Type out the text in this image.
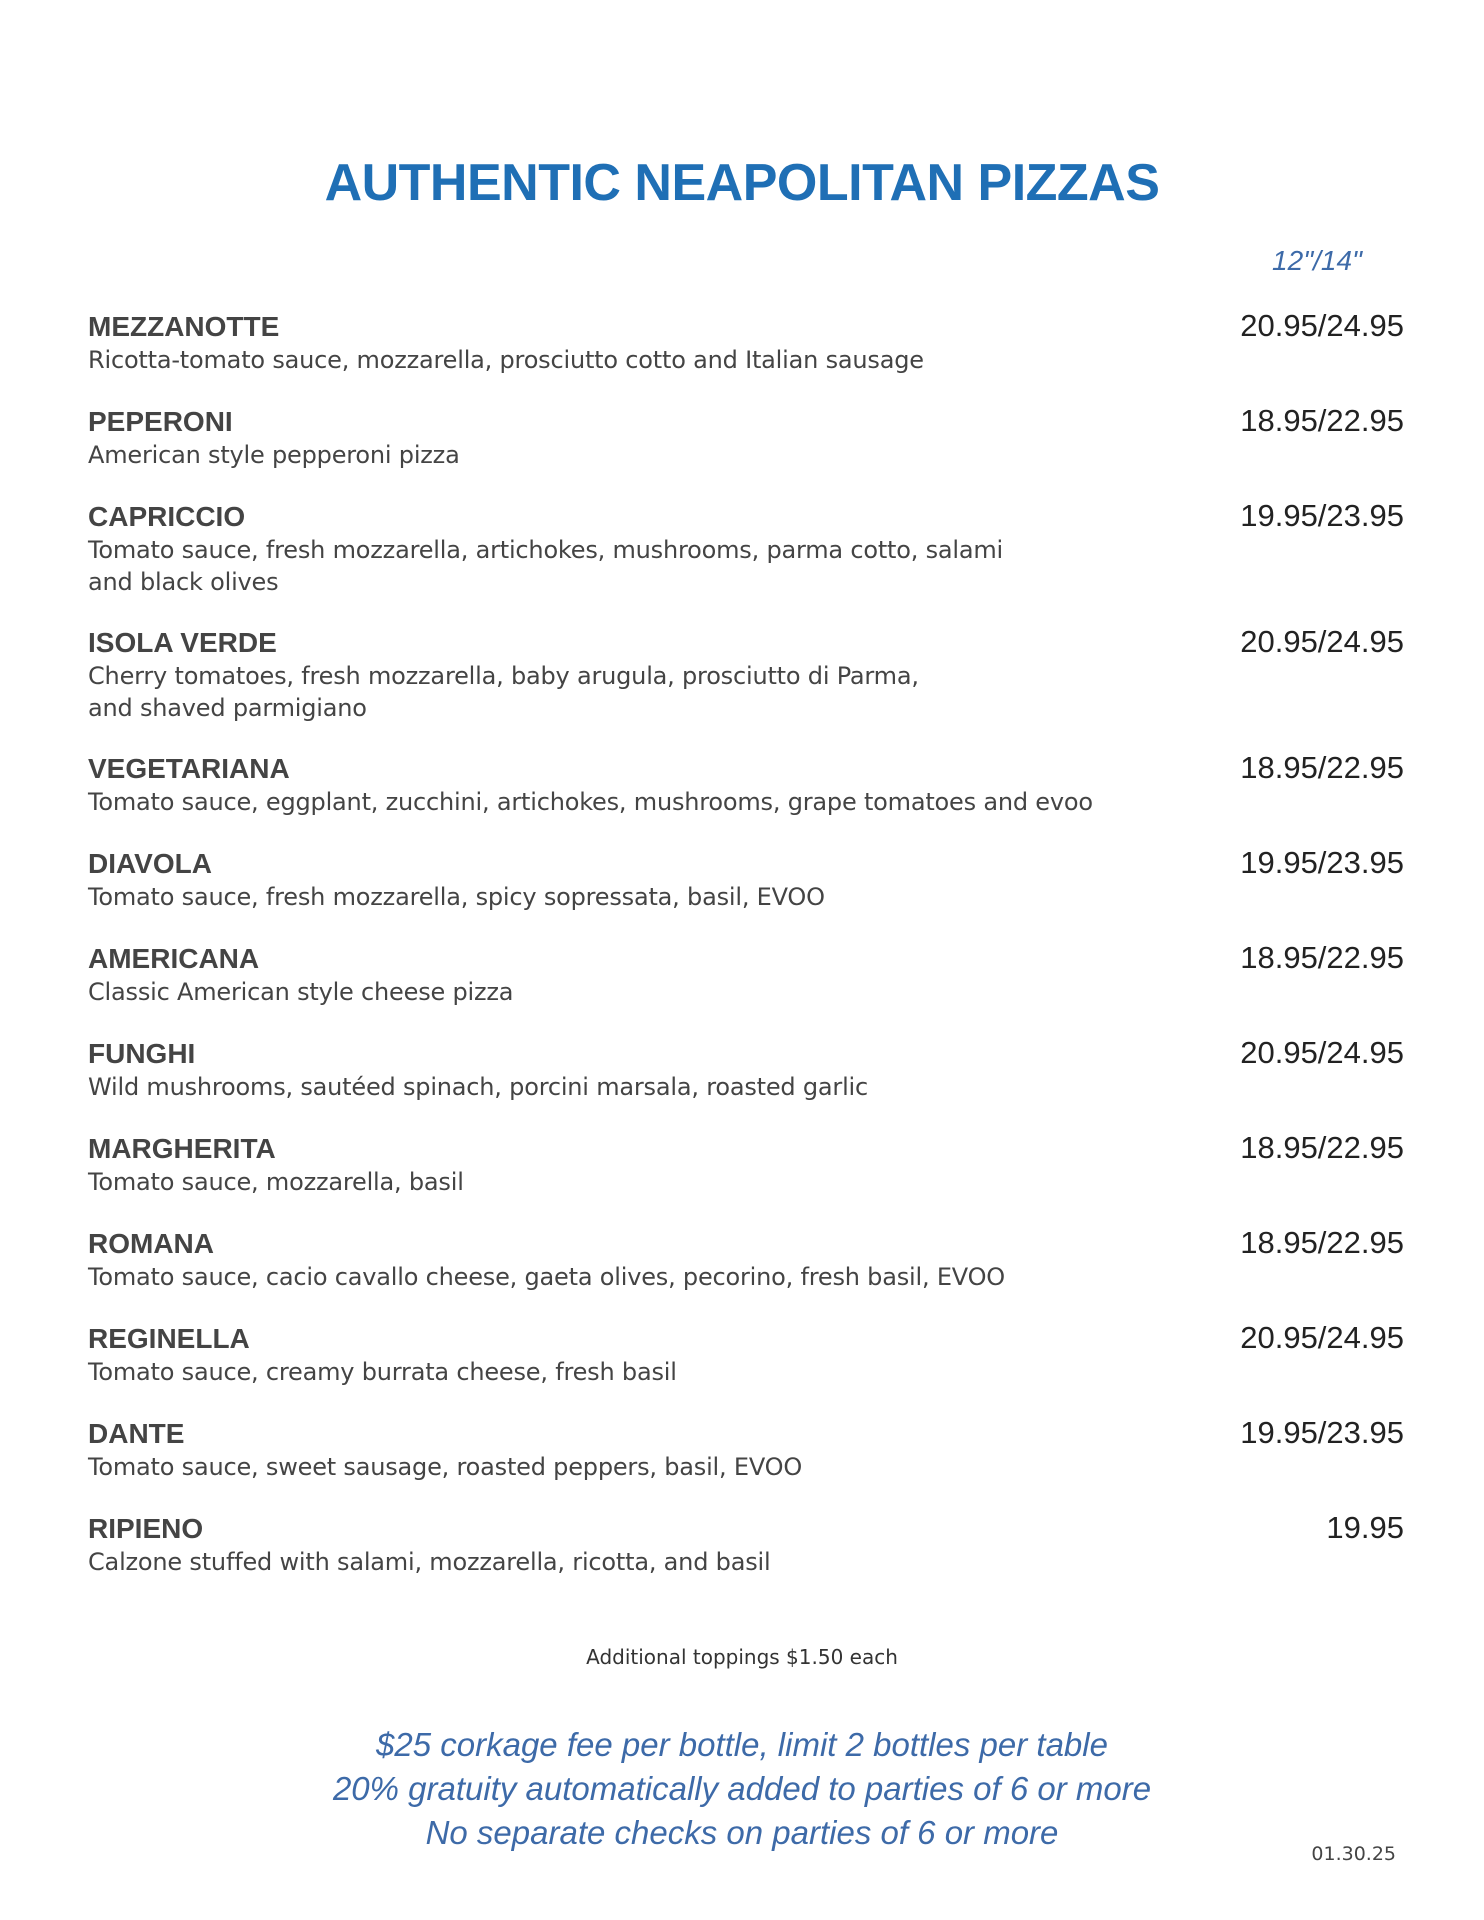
AUTHENTIC NEAPOLITAN PIZZAS
12"/14"
MEZZANOTTE
Ricotta-tomato sauce, mozzarella, prosciutto cotto and Italian sausage
20.95/24.95
PEPERONI
American style pepperoni pizza
18.95/22.95
CAPRICCIO
Tomato sauce, fresh mozzarella, artichokes, mushrooms, parma cotto, salami
and black olives
19.95/23.95
ISOLA VERDE
Cherry tomatoes, fresh mozzarella, baby arugula, prosciutto di Parma,
and shaved parmigiano
20.95/24.95
VEGETARIANA
Tomato sauce, eggplant, zucchini, artichokes, mushrooms, grape tomatoes and evoo
18.95/22.95
DIAVOLA
Tomato sauce, fresh mozzarella, spicy sopressata, basil, EVOO
19.95/23.95
AMERICANA
Classic American style cheese pizza
18.95/22.95
FUNGHI
Wild mushrooms, sautéed spinach, porcini marsala, roasted garlic
20.95/24.95
MARGHERITA
Tomato sauce, mozzarella, basil
18.95/22.95
ROMANA
Tomato sauce, cacio cavallo cheese, gaeta olives, pecorino, fresh basil, EVOO
18.95/22.95
REGINELLA
Tomato sauce, creamy burrata cheese, fresh basil
20.95/24.95
DANTE
Tomato sauce, sweet sausage, roasted peppers, basil, EVOO
19.95/23.95
RIPIENO
Calzone stuffed with salami, mozzarella, ricotta, and basil
19.95
Additional toppings $1.50 each
$25 corkage fee per bottle, limit 2 bottles per table
20% gratuity automatically added to parties of 6 or more
No separate checks on parties of 6 or more
01.30.25
